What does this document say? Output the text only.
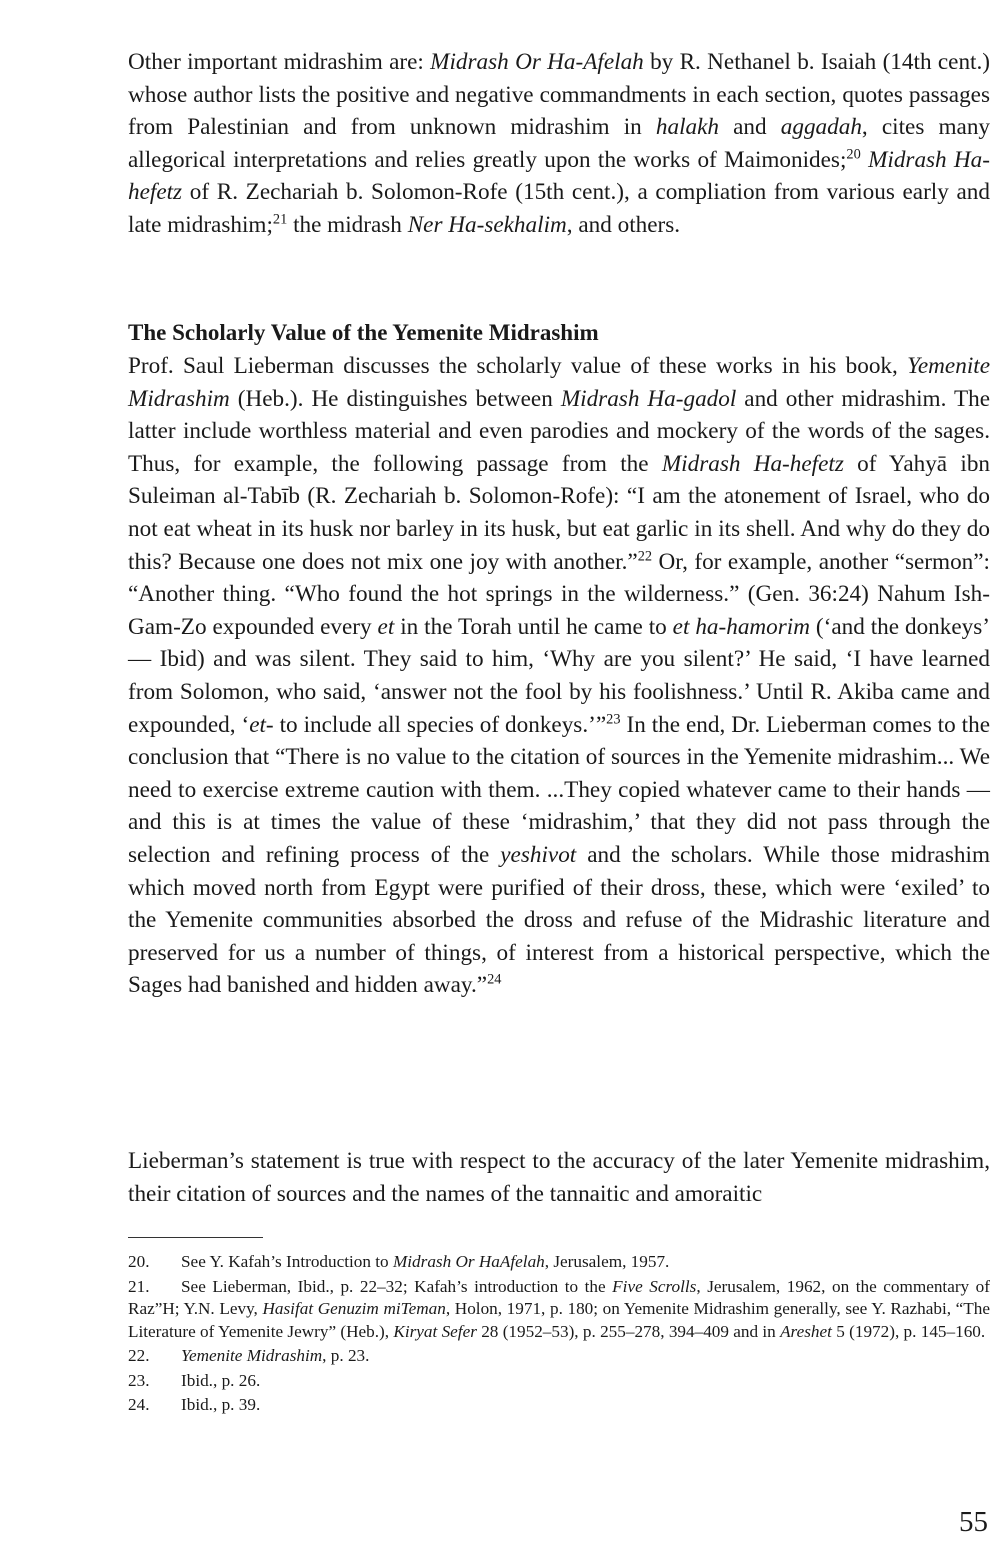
Other important midrashim are: Midrash Or Ha-Afelah by R. Nethanel b. Isaiah (14th cent.) whose author lists the positive and negative commandments in each section, quotes passages from Palestinian and from unknown midrashim in halakh and aggadah, cites many allegorical interpretations and relies greatly upon the works of Maimonides;$^{20}$ Midrash Ha-hefetz of R. Zechariah b. Solomon-Rofe (15th cent.), a compliation from various early and late midrashim;$^{21}$ the midrash Ner Ha-sekhalim, and others.

The Scholarly Value of the Yemenite Midrashim

Prof. Saul Lieberman discusses the scholarly value of these works in his book, Yemenite Midrashim (Heb.). He distinguishes between Midrash Ha-gadol and other midrashim. The latter include worthless material and even parodies and mockery of the words of the sages. Thus, for example, the following passage from the Midrash Ha-hefetz of Yahyā ibn Suleiman al-Tabīb (R. Zechariah b. Solomon-Rofe): “I am the atonement of Israel, who do not eat wheat in its husk nor barley in its husk, but eat garlic in its shell. And why do they do this? Because one does not mix one joy with another.”$^{22}$ Or, for example, another “sermon”: “Another thing. “Who found the hot springs in the wilderness.” (Gen. 36:24) Nahum Ish-Gam-Zo expounded every et in the Torah until he came to et ha-hamorim (‘and the donkeys’ — Ibid) and was silent. They said to him, ‘Why are you silent?’ He said, ‘I have learned from Solomon, who said, ‘answer not the fool by his foolishness.’ Until R. Akiba came and expounded, ‘et- to include all species of donkeys.’”$^{23}$ In the end, Dr. Lieberman comes to the conclusion that “There is no value to the citation of sources in the Yemenite midrashim... We need to exercise extreme caution with them. ...They copied whatever came to their hands — and this is at times the value of these ‘midrashim,’ that they did not pass through the selection and refining process of the yeshivot and the scholars. While those midrashim which moved north from Egypt were purified of their dross, these, which were ‘exiled’ to the Yemenite communities absorbed the dross and refuse of the Midrashic literature and preserved for us a number of things, of interest from a historical perspective, which the Sages had banished and hidden away.”$^{24}$

Lieberman’s statement is true with respect to the accuracy of the later Yemenite midrashim, their citation of sources and the names of the tannaitic and amoraitic

20. See Y. Kafah’s Introduction to Midrash Or HaAfelah, Jerusalem, 1957.

21. See Lieberman, Ibid., p. 22–32; Kafah’s introduction to the Five Scrolls, Jerusalem, 1962, on the commentary of Raz”H; Y.N. Levy, Hasifat Genuzim miTeman, Holon, 1971, p. 180; on Yemenite Midrashim generally, see Y. Razhabi, “The Literature of Yemenite Jewry” (Heb.), Kiryat Sefer 28 (1952–53), p. 255–278, 394–409 and in Areshet 5 (1972), p. 145–160.

22. Yemenite Midrashim, p. 23.

23. Ibid., p. 26.

24. Ibid., p. 39.

55
